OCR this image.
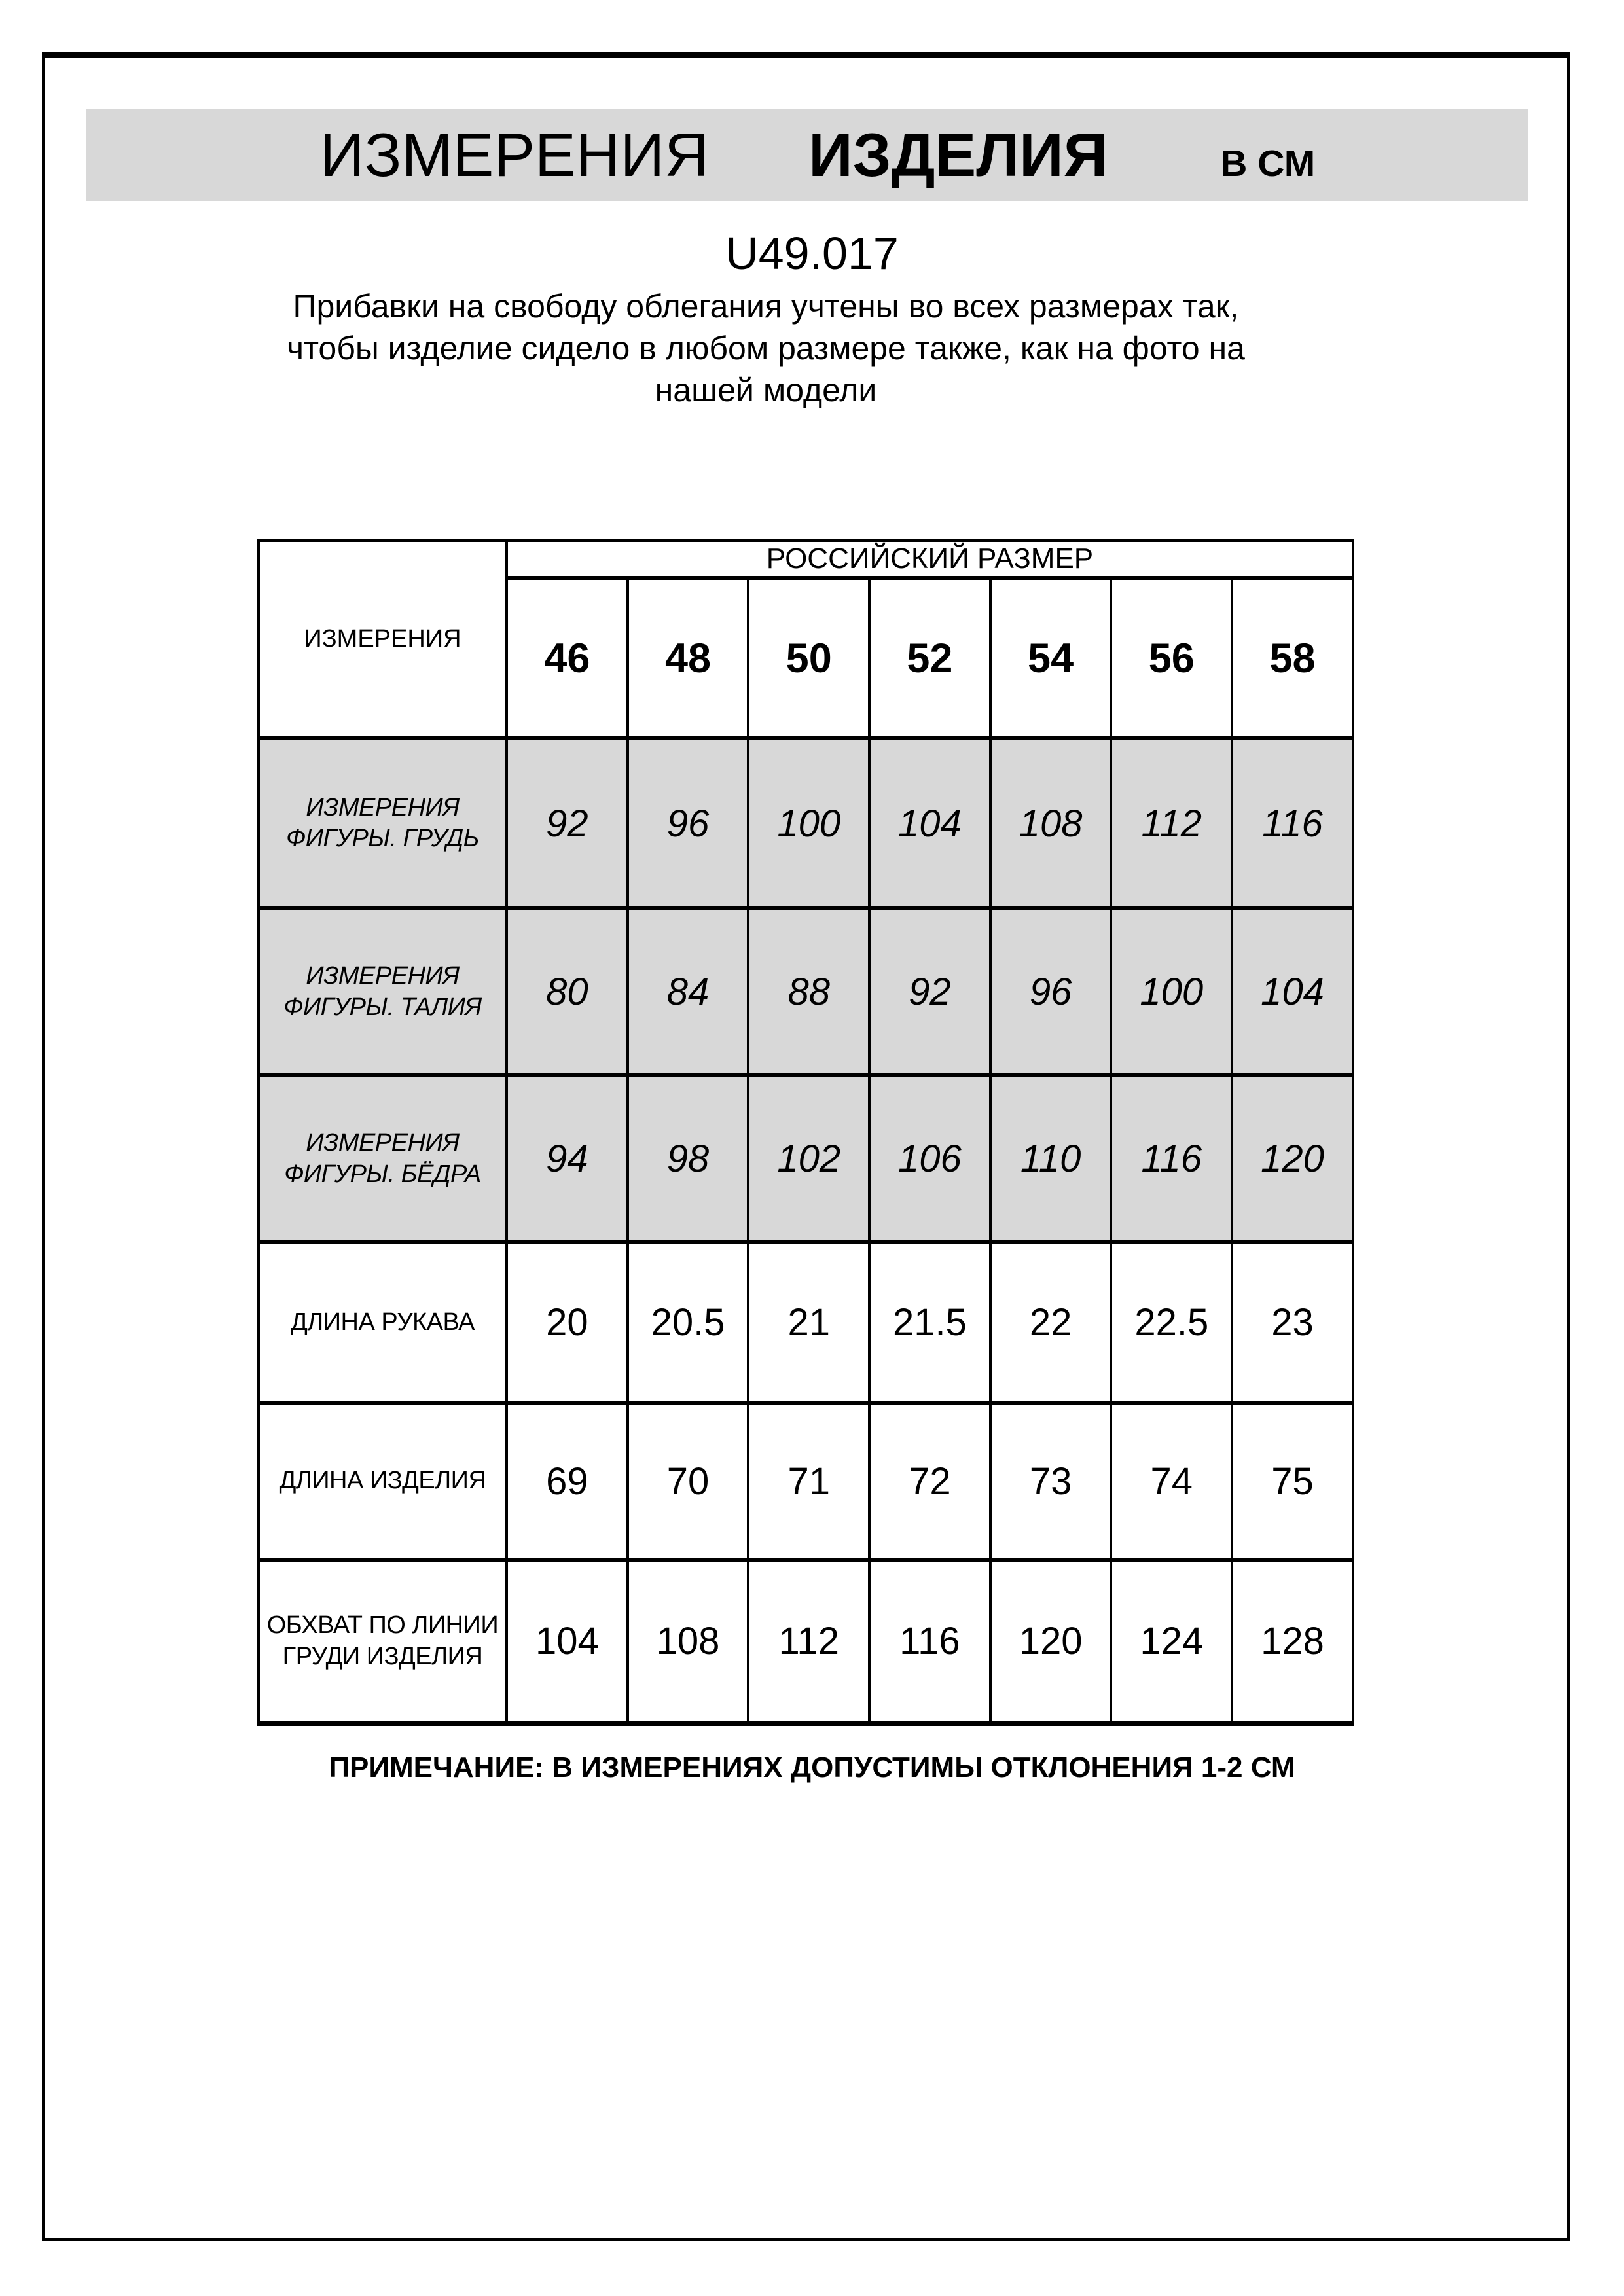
ИЗМЕРЕНИЯ ИЗДЕЛИЯ	В СМ
U49.017
Прибавки на свободу облегания учтены во всех размерах так,
чтобы изделие сидело в любом размере также, как на фото на
нашей модели
ИЗМЕРЕНИЯ	РОССИЙСКИЙ РАЗМЕР						
	46	48	50	52	54	56	58
ИЗМЕРЕНИЯ ФИГУРЫ. ГРУДЬ	92	96	100	104	108	112	116
ИЗМЕРЕНИЯ ФИГУРЫ. ТАЛИЯ	80	84	88	92	96	100	104
ИЗМЕРЕНИЯ ФИГУРЫ. БЁДРА	94	98	102	106	110	116	120
ДЛИНА РУКАВА	20	20.5	21	21.5	22	22.5	23
ДЛИНА ИЗДЕЛИЯ	69	70	71	72	73	74	75
ОБХВАТ ПО ЛИНИИ ГРУДИ ИЗДЕЛИЯ	104	108	112	116	120	124	128
ПРИМЕЧАНИЕ: В ИЗМЕРЕНИЯХ ДОПУСТИМЫ ОТКЛОНЕНИЯ 1-2 СМ
